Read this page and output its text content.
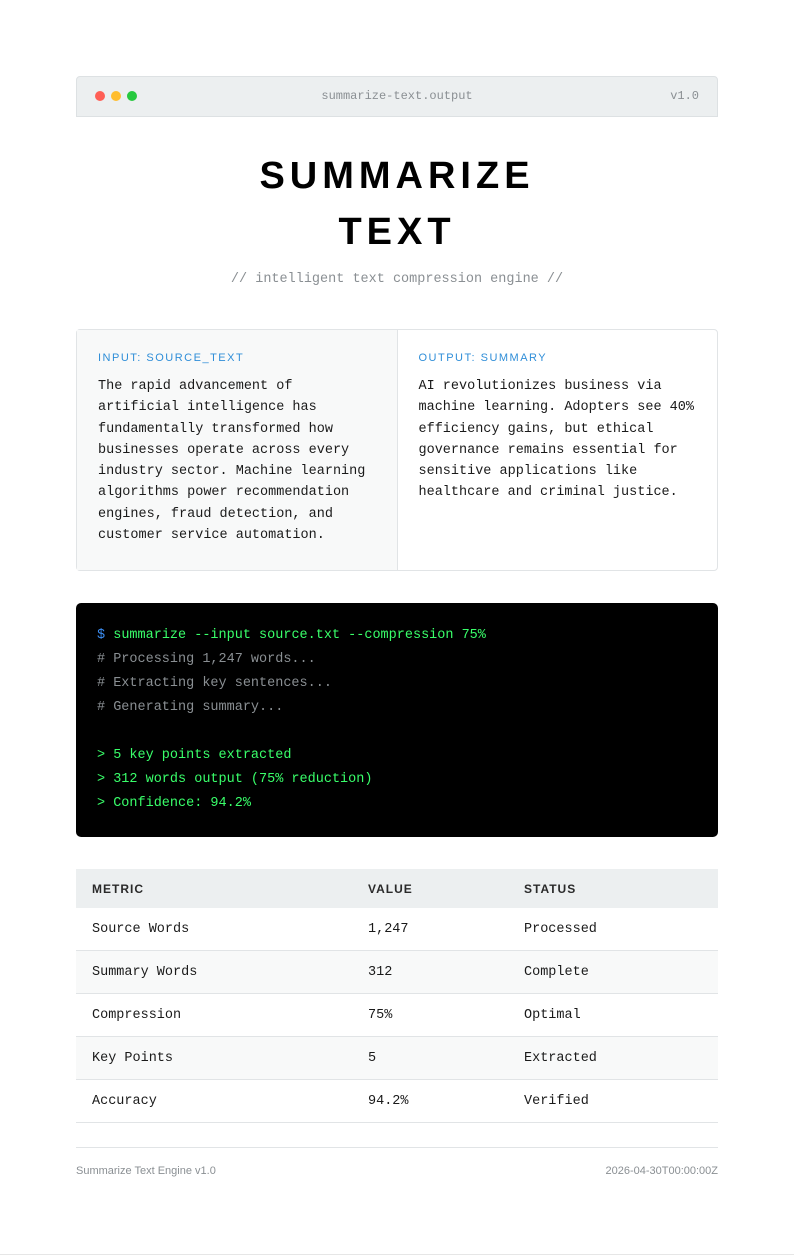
summarize-text.output	v1.0
SUMMARIZE
TEXT
// intelligent text compression engine //
INPUT: SOURCE_TEXT
The rapid advancement of artificial intelligence has fundamentally transformed how businesses operate across every industry sector. Machine learning algorithms power recommendation engines, fraud detection, and customer service automation.
OUTPUT: SUMMARY
AI revolutionizes business via machine learning. Adopters see 40% efficiency gains, but ethical governance remains essential for sensitive applications like healthcare and criminal justice.
$ summarize --input source.txt --compression 75%
# Processing 1,247 words...
# Extracting key sentences...
# Generating summary...
> 5 key points extracted
> 312 words output (75% reduction)
> Confidence: 94.2%
METRIC	VALUE	STATUS
Source Words	1,247	Processed
Summary Words	312	Complete
Compression	75%	Optimal
Key Points	5	Extracted
Accuracy	94.2%	Verified
Summarize Text Engine v1.0	2026-04-30T00:00:00Z
